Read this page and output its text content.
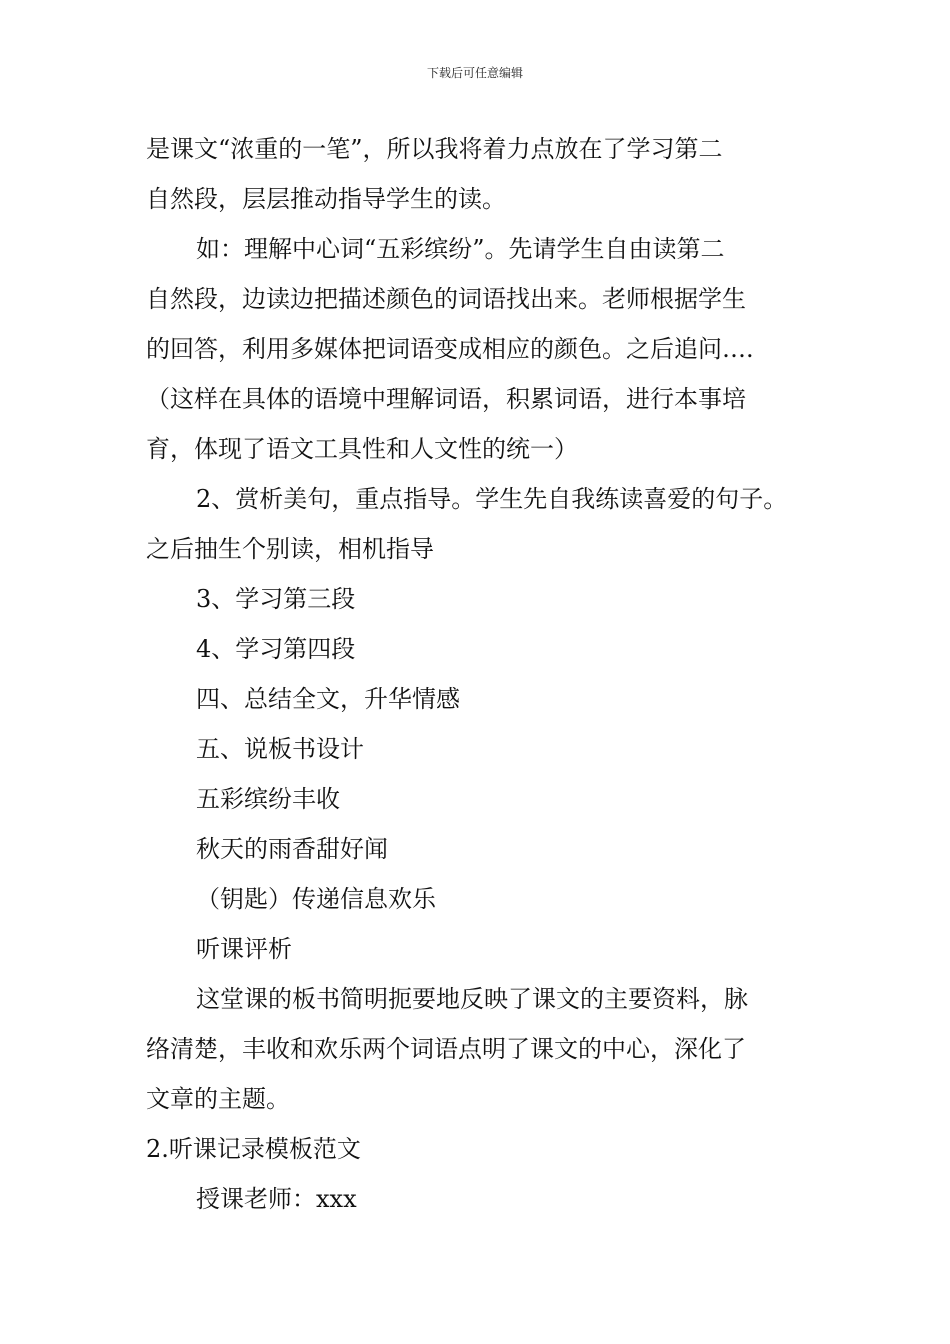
下载后可任意编辑
是课文“浓重的一笔”，所以我将着力点放在了学习第二
自然段，层层推动指导学生的读。
如：理解中心词“五彩缤纷”。先请学生自由读第二
自然段，边读边把描述颜色的词语找出来。老师根据学生
的回答，利用多媒体把词语变成相应的颜色。之后追问….
（这样在具体的语境中理解词语，积累词语，进行本事培
育，体现了语文工具性和人文性的统一）
2、赏析美句，重点指导。学生先自我练读喜爱的句子。
之后抽生个别读，相机指导
3、学习第三段
4、学习第四段
四、总结全文，升华情感
五、说板书设计
五彩缤纷丰收
秋天的雨香甜好闻
（钥匙）传递信息欢乐
听课评析
这堂课的板书简明扼要地反映了课文的主要资料，脉
络清楚，丰收和欢乐两个词语点明了课文的中心，深化了
文章的主题。
2.听课记录模板范文
授课老师：xxx
